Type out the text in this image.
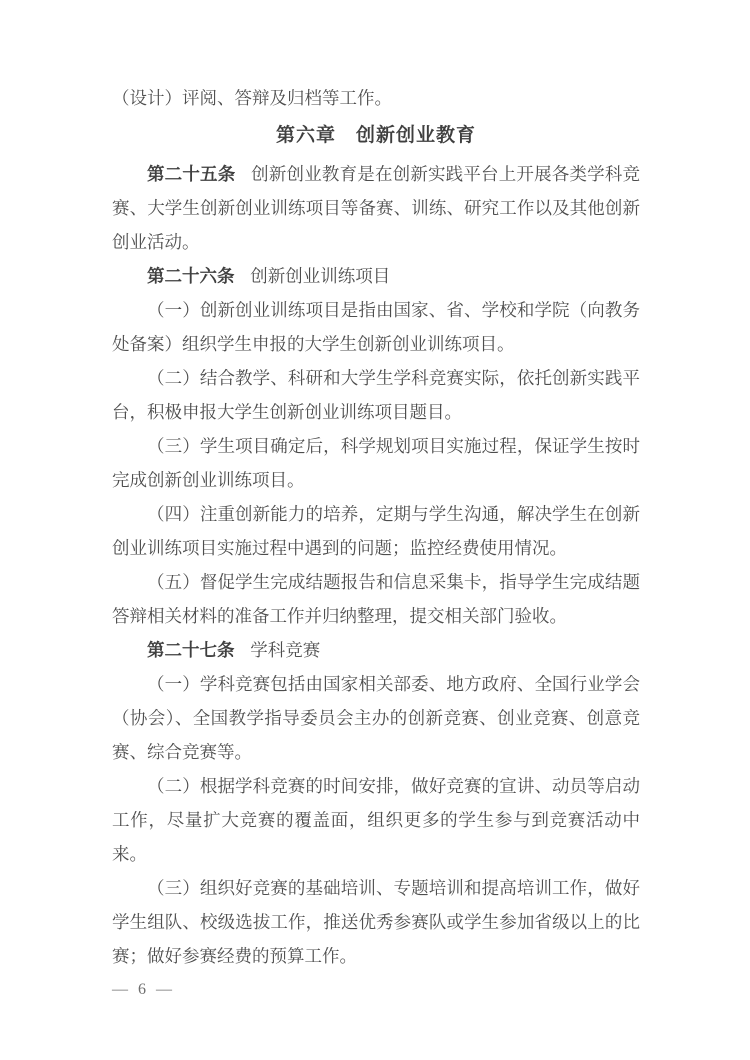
（设计）评阅、答辩及归档等工作。

第六章　创新创业教育

第二十五条 创新创业教育是在创新实践平台上开展各类学科竞赛、大学生创新创业训练项目等备赛、训练、研究工作以及其他创新创业活动。

第二十六条 创新创业训练项目

（一）创新创业训练项目是指由国家、省、学校和学院（向教务处备案）组织学生申报的大学生创新创业训练项目。

（二）结合教学、科研和大学生学科竞赛实际，依托创新实践平台，积极申报大学生创新创业训练项目题目。

（三）学生项目确定后，科学规划项目实施过程，保证学生按时完成创新创业训练项目。

（四）注重创新能力的培养，定期与学生沟通，解决学生在创新创业训练项目实施过程中遇到的问题；监控经费使用情况。

（五）督促学生完成结题报告和信息采集卡，指导学生完成结题答辩相关材料的准备工作并归纳整理，提交相关部门验收。

第二十七条 学科竞赛

（一）学科竞赛包括由国家相关部委、地方政府、全国行业学会（协会）、全国教学指导委员会主办的创新竞赛、创业竞赛、创意竞赛、综合竞赛等。

（二）根据学科竞赛的时间安排，做好竞赛的宣讲、动员等启动工作，尽量扩大竞赛的覆盖面，组织更多的学生参与到竞赛活动中来。

（三）组织好竞赛的基础培训、专题培训和提高培训工作，做好学生组队、校级选拔工作，推送优秀参赛队或学生参加省级以上的比赛；做好参赛经费的预算工作。

— 6 —
